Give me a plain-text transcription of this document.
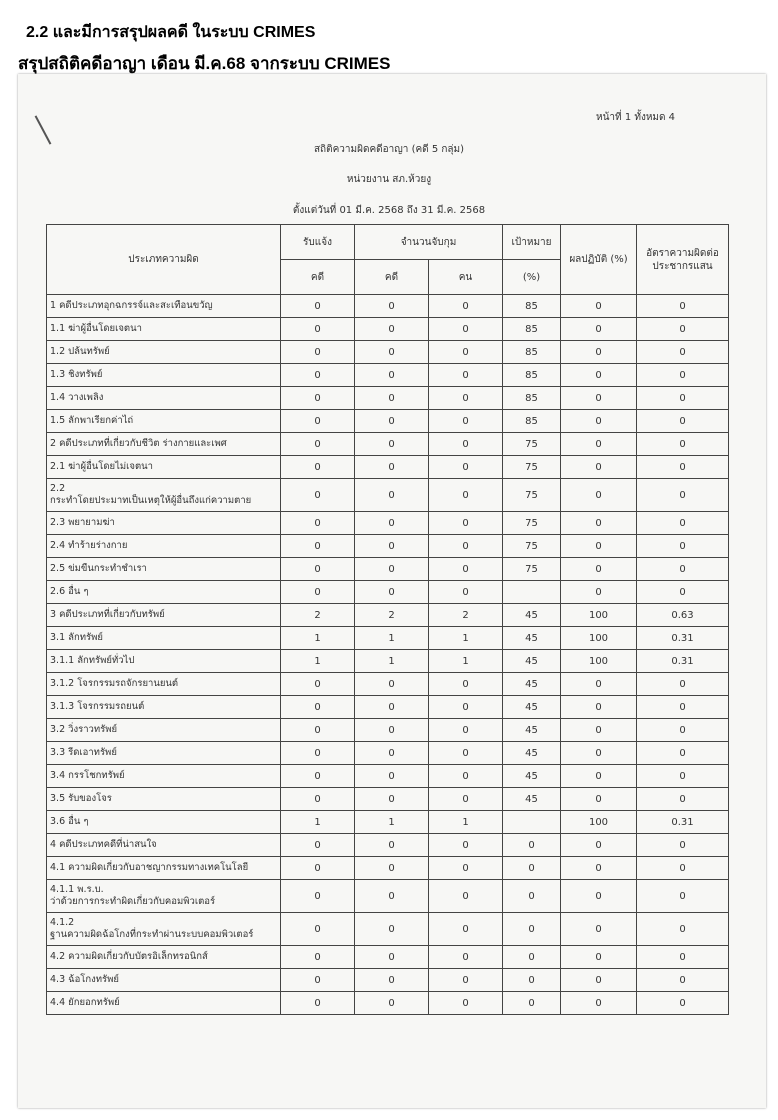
2.2 และมีการสรุปผลคดี ในระบบ CRIMES
สรุปสถิติคดีอาญา เดือน มี.ค.68 จากระบบ CRIMES
หน้าที่ 1 ทั้งหมด 4
สถิติความผิดคดีอาญา (คดี 5 กลุ่ม)
หน่วยงาน สภ.ห้วยงู
ตั้งแต่วันที่ 01 มี.ค. 2568 ถึง 31 มี.ค. 2568
ประเภทความผิด	รับแจ้ง	จำนวนจับกุม		เป้าหมาย	ผลปฏิบัติ (%)	อัตราความผิดต่อประชากรแสน
	คดี	คดี	คน	(%)		
1 คดีประเภทอุกฉกรรจ์และสะเทือนขวัญ	0	0	0	85	0	0
1.1 ฆ่าผู้อื่นโดยเจตนา	0	0	0	85	0	0
1.2 ปล้นทรัพย์	0	0	0	85	0	0
1.3 ชิงทรัพย์	0	0	0	85	0	0
1.4 วางเพลิง	0	0	0	85	0	0
1.5 ลักพาเรียกค่าไถ่	0	0	0	85	0	0
2 คดีประเภทที่เกี่ยวกับชีวิต ร่างกายและเพศ	0	0	0	75	0	0
2.1 ฆ่าผู้อื่นโดยไม่เจตนา	0	0	0	75	0	0
2.2
กระทำโดยประมาทเป็นเหตุให้ผู้อื่นถึงแก่ความตาย	0	0	0	75	0	0
2.3 พยายามฆ่า	0	0	0	75	0	0
2.4 ทำร้ายร่างกาย	0	0	0	75	0	0
2.5 ข่มขืนกระทำชำเรา	0	0	0	75	0	0
2.6 อื่น ๆ	0	0	0		0	0
3 คดีประเภทที่เกี่ยวกับทรัพย์	2	2	2	45	100	0.63
3.1 ลักทรัพย์	1	1	1	45	100	0.31
3.1.1 ลักทรัพย์ทั่วไป	1	1	1	45	100	0.31
3.1.2 โจรกรรมรถจักรยานยนต์	0	0	0	45	0	0
3.1.3 โจรกรรมรถยนต์	0	0	0	45	0	0
3.2 วิ่งราวทรัพย์	0	0	0	45	0	0
3.3 รีดเอาทรัพย์	0	0	0	45	0	0
3.4 กรรโชกทรัพย์	0	0	0	45	0	0
3.5 รับของโจร	0	0	0	45	0	0
3.6 อื่น ๆ	1	1	1		100	0.31
4 คดีประเภทคดีที่น่าสนใจ	0	0	0	0	0	0
4.1 ความผิดเกี่ยวกับอาชญากรรมทางเทคโนโลยี	0	0	0	0	0	0
4.1.1 พ.ร.บ.
ว่าด้วยการกระทำผิดเกี่ยวกับคอมพิวเตอร์	0	0	0	0	0	0
4.1.2
ฐานความผิดฉ้อโกงที่กระทำผ่านระบบคอมพิวเตอร์	0	0	0	0	0	0
4.2 ความผิดเกี่ยวกับบัตรอิเล็กทรอนิกส์	0	0	0	0	0	0
4.3 ฉ้อโกงทรัพย์	0	0	0	0	0	0
4.4 ยักยอกทรัพย์	0	0	0	0	0	0
